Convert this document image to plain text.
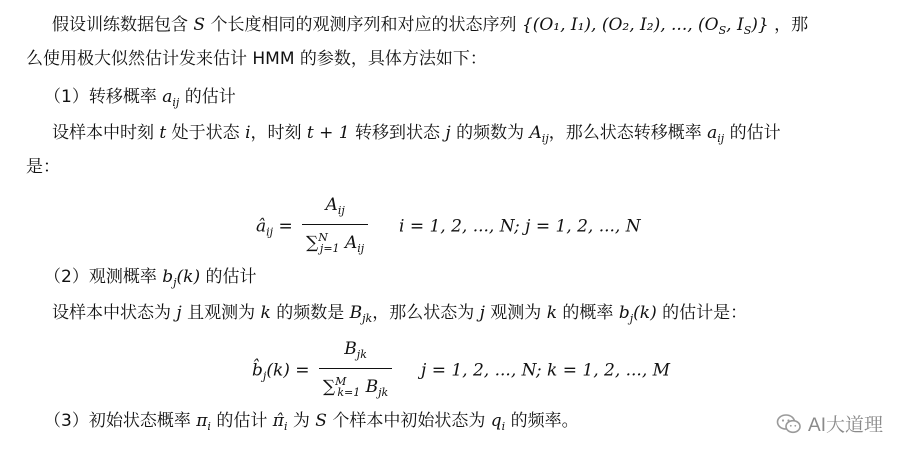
假设训练数据包含 S 个长度相同的观测序列和对应的状态序列 {(O₁, I₁), (O₂, I₂), ..., ($O_S$, $I_S$)} ，那
么使用极大似然估计发来估计 HMM 的参数，具体方法如下：
（1）转移概率 $a_{ij}$ 的估计
设样本中时刻 t 处于状态 i，时刻 t + 1 转移到状态 j 的频数为 $A_{ij}$，那么状态转移概率 $a_{ij}$ 的估计
是：
$â_{ij} = \frac{A_{ij}}{\sum^N_{j=1} A_{ij}}$ i = 1, 2, ..., N; j = 1, 2, ..., N
（2）观测概率 $b_j(k)$ 的估计
设样本中状态为 j 且观测为 k 的频数是 $B_{jk}$，那么状态为 j 观测为 k 的概率 $b_j(k)$ 的估计是：
$b̂_j(k) = \frac{B_{jk}}{\sum^M_{k=1} B_{jk}}$ j = 1, 2, ..., N; k = 1, 2, ..., M
（3）初始状态概率 $\pi_i$ 的估计 $\pî_i$ 为 S 个样本中初始状态为 $q_i$ 的频率。	AI大道理
